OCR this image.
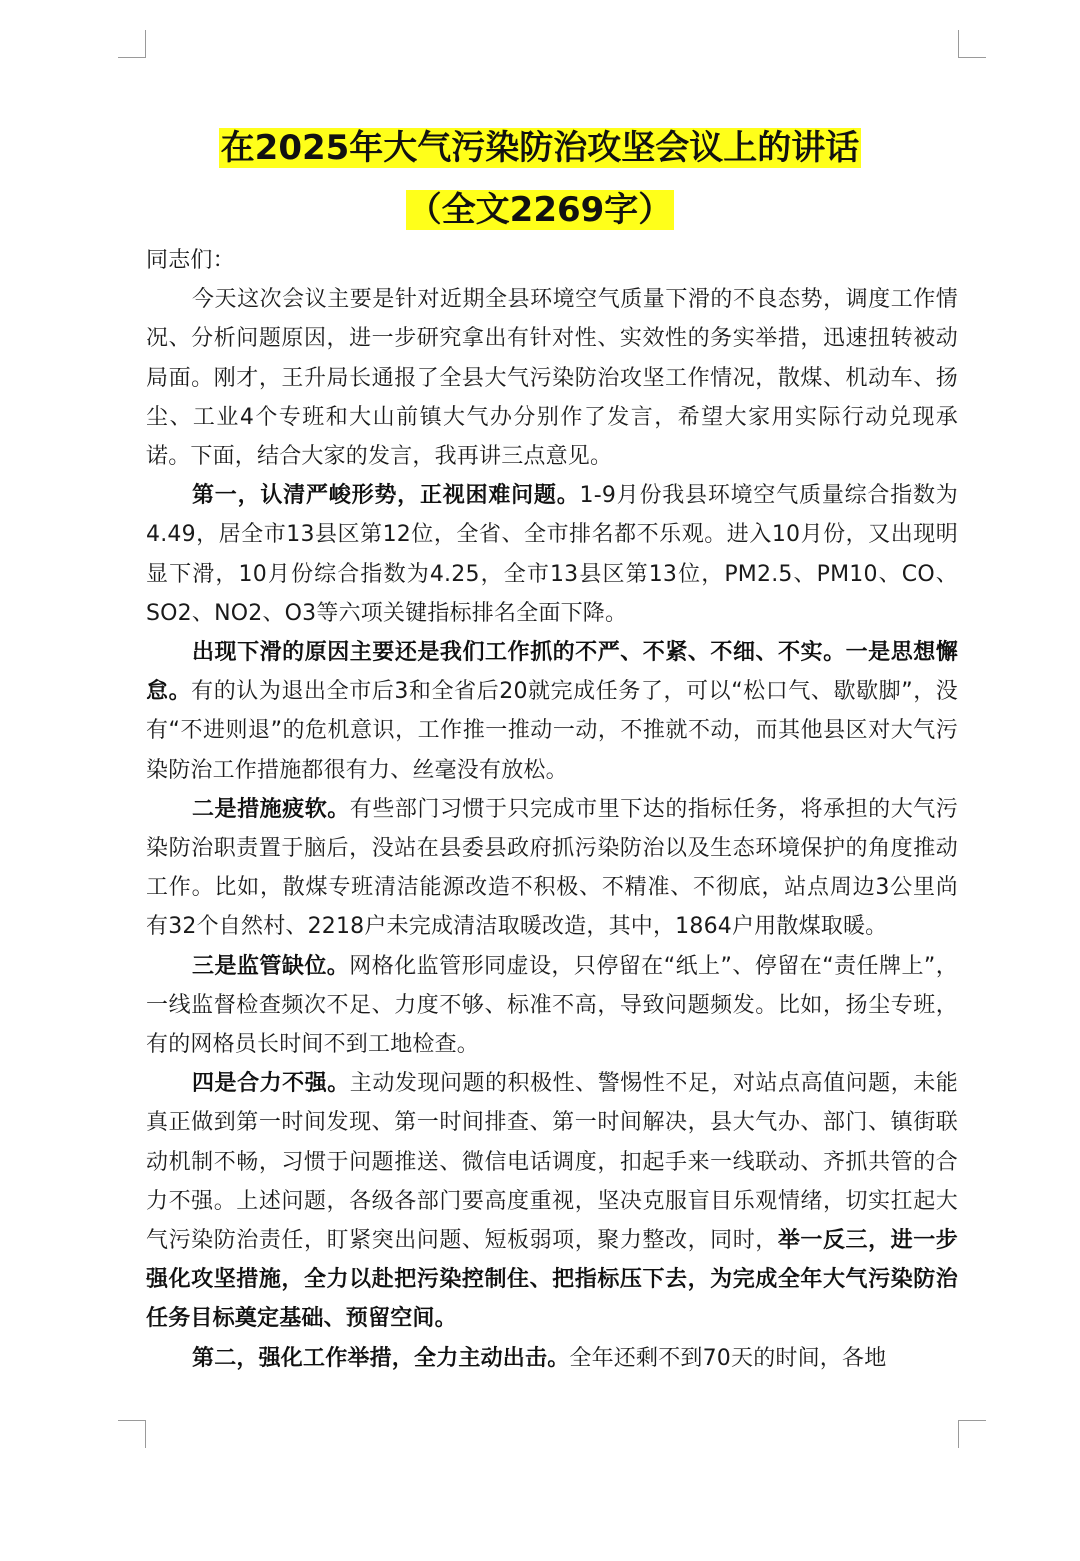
在2025年大气污染防治攻坚会议上的讲话
（全文2269字）

同志们：

今天这次会议主要是针对近期全县环境空气质量下滑的不良态势，调度工作情况、分析问题原因，进一步研究拿出有针对性、实效性的务实举措，迅速扭转被动局面。刚才，王升局长通报了全县大气污染防治攻坚工作情况，散煤、机动车、扬尘、工业4个专班和大山前镇大气办分别作了发言，希望大家用实际行动兑现承诺。下面，结合大家的发言，我再讲三点意见。

第一，认清严峻形势，正视困难问题。1-9月份我县环境空气质量综合指数为4.49，居全市13县区第12位，全省、全市排名都不乐观。进入10月份，又出现明显下滑，10月份综合指数为4.25，全市13县区第13位，PM2.5、PM10、CO、SO2、NO2、O3等六项关键指标排名全面下降。

出现下滑的原因主要还是我们工作抓的不严、不紧、不细、不实。一是思想懈怠。有的认为退出全市后3和全省后20就完成任务了，可以“松口气、歇歇脚”，没有“不进则退”的危机意识，工作推一推动一动，不推就不动，而其他县区对大气污染防治工作措施都很有力、丝毫没有放松。

二是措施疲软。有些部门习惯于只完成市里下达的指标任务，将承担的大气污染防治职责置于脑后，没站在县委县政府抓污染防治以及生态环境保护的角度推动工作。比如，散煤专班清洁能源改造不积极、不精准、不彻底，站点周边3公里尚有32个自然村、2218户未完成清洁取暖改造，其中，1864户用散煤取暖。

三是监管缺位。网格化监管形同虚设，只停留在“纸上”、停留在“责任牌上”，一线监督检查频次不足、力度不够、标准不高，导致问题频发。比如，扬尘专班，有的网格员长时间不到工地检查。

四是合力不强。主动发现问题的积极性、警惕性不足，对站点高值问题，未能真正做到第一时间发现、第一时间排查、第一时间解决，县大气办、部门、镇街联动机制不畅，习惯于问题推送、微信电话调度，扣起手来一线联动、齐抓共管的合力不强。上述问题，各级各部门要高度重视，坚决克服盲目乐观情绪，切实扛起大气污染防治责任，盯紧突出问题、短板弱项，聚力整改，同时，举一反三，进一步强化攻坚措施，全力以赴把污染控制住、把指标压下去，为完成全年大气污染防治任务目标奠定基础、预留空间。

第二，强化工作举措，全力主动出击。全年还剩不到70天的时间，各地
